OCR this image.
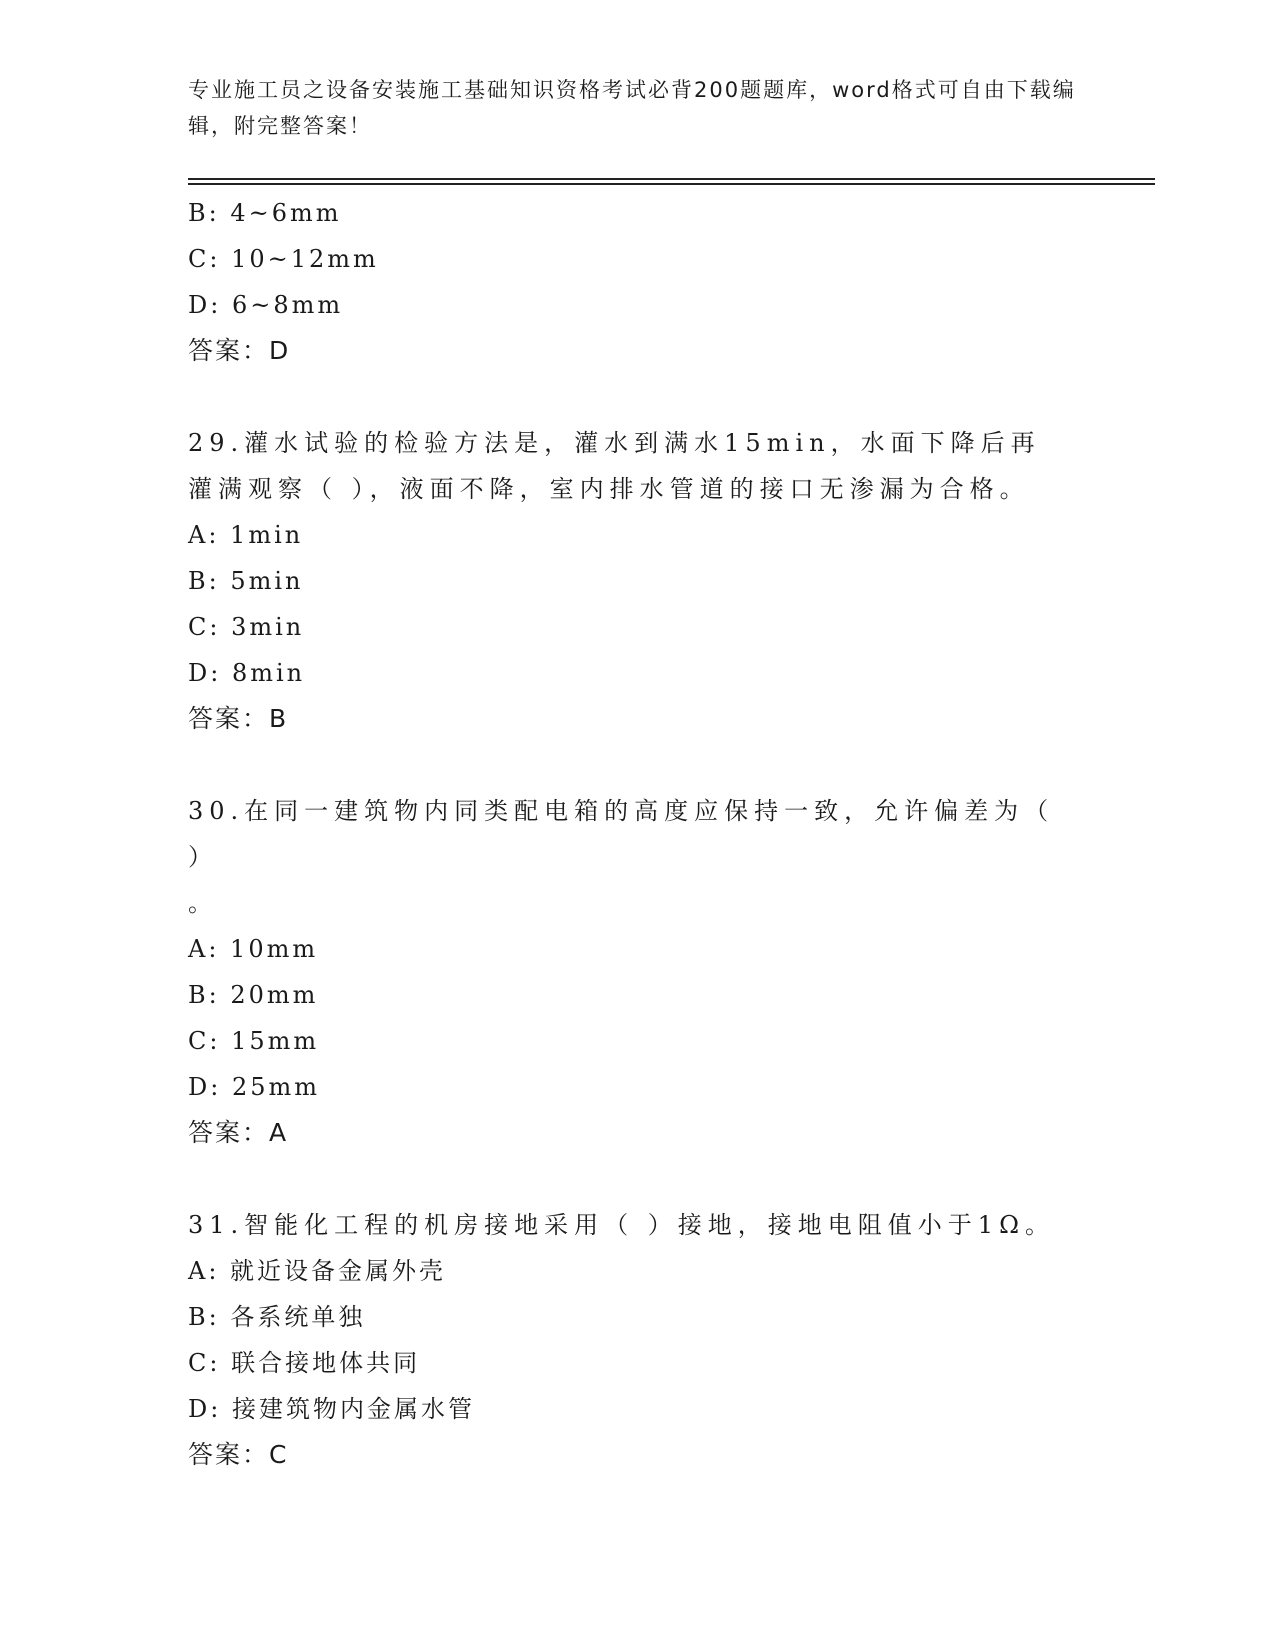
专业施工员之设备安装施工基础知识资格考试必背200题题库，word格式可自由下载编辑，附完整答案！
B: 4~6mm
C: 10~12mm
D: 6~8mm
答案：D
29.灌水试验的检验方法是，灌水到满水15min，水面下降后再灌满观察（ ），液面不降，室内排水管道的接口无渗漏为合格。
A: 1min
B: 5min
C: 3min
D: 8min
答案：B
30.在同一建筑物内同类配电箱的高度应保持一致，允许偏差为（ ）
。
A: 10mm
B: 20mm
C: 15mm
D: 25mm
答案：A
31.智能化工程的机房接地采用（ ）接地，接地电阻值小于1Ω。
A: 就近设备金属外壳
B: 各系统单独
C: 联合接地体共同
D: 接建筑物内金属水管
答案：C
